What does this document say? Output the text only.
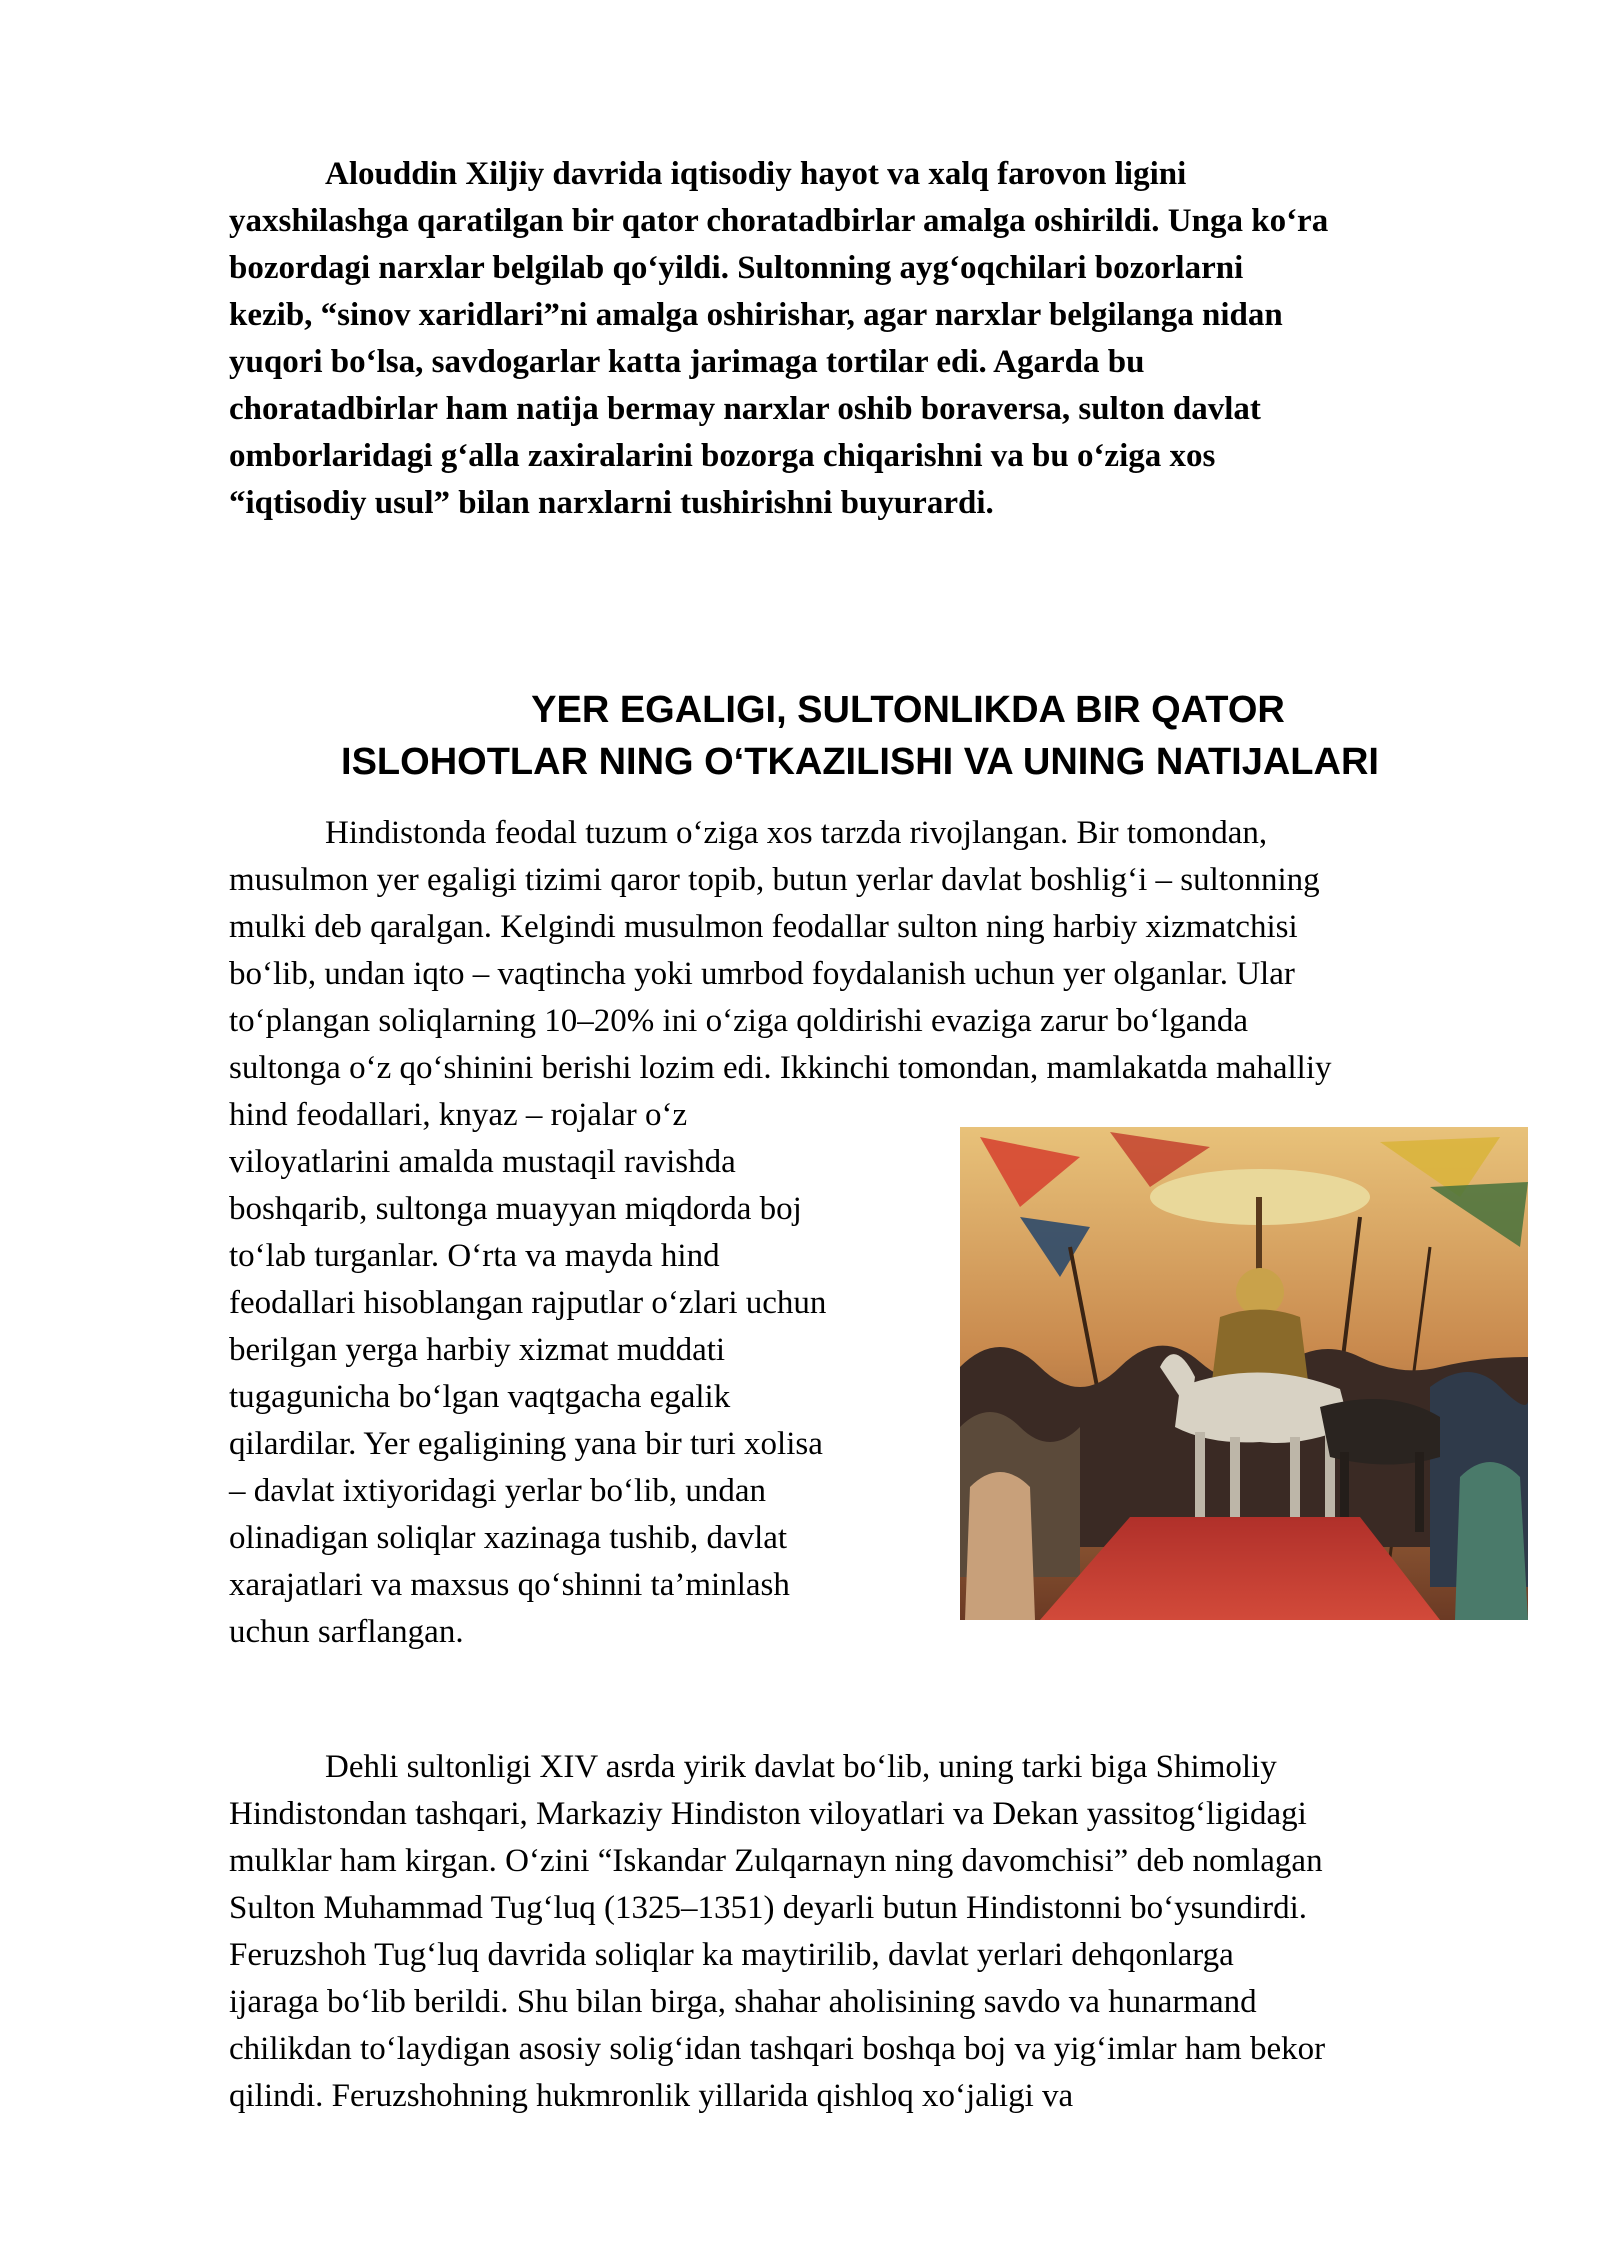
Alouddin Xiljiy davrida iqtisodiy hayot va xalq farovon ligini
yaxshilashga qaratilgan bir qator choratadbirlar amalga oshirildi. Unga ko‘ra
bozordagi narxlar belgilab qo‘yildi. Sultonning ayg‘oqchilari bozorlarni
kezib, “sinov xaridlari”ni amalga oshirishar, agar narxlar belgilanga nidan
yuqori bo‘lsa, savdogarlar katta jarimaga tortilar edi. Agarda bu
choratadbirlar ham natija bermay narxlar oshib boraversa, sulton davlat
omborlaridagi g‘alla zaxiralarini bozorga chiqarishni va bu o‘ziga xos
“iqtisodiy usul” bilan narxlarni tushirishni buyurardi.
YER EGALIGI, SULTONLIKDA BIR QATOR
ISLOHOTLAR NING O‘TKAZILISHI VA UNING NATIJALARI
Hindistonda feodal tuzum o‘ziga xos tarzda rivojlangan. Bir tomondan,
musulmon yer egaligi tizimi qaror topib, butun yerlar davlat boshlig‘i – sultonning
mulki deb qaralgan. Kelgindi musulmon feodallar sulton ning harbiy xizmatchisi
bo‘lib, undan iqto – vaqtincha yoki umrbod foydalanish uchun yer olganlar. Ular
to‘plangan soliqlarning 10–20% ini o‘ziga qoldirishi evaziga zarur bo‘lganda
sultonga o‘z qo‘shinini berishi lozim edi. Ikkinchi tomondan, mamlakatda mahalliy
hind feodallari, knyaz – rojalar o‘z
viloyatlarini amalda mustaqil ravishda
boshqarib, sultonga muayyan miqdorda boj
to‘lab turganlar. O‘rta va mayda hind
feodallari hisoblangan rajputlar o‘zlari uchun
berilgan yerga harbiy xizmat muddati
tugagunicha bo‘lgan vaqtgacha egalik
qilardilar. Yer egaligining yana bir turi xolisa
– davlat ixtiyoridagi yerlar bo‘lib, undan
olinadigan soliqlar xazinaga tushib, davlat
xarajatlari va maxsus qo‘shinni ta’minlash
uchun sarflangan.
Dehli sultonligi XIV asrda yirik davlat bo‘lib, uning tarki biga Shimoliy
Hindistondan tashqari, Markaziy Hindiston viloyatlari va Dekan yassitog‘ligidagi
mulklar ham kirgan. O‘zini “Iskandar Zulqarnayn ning davomchisi” deb nomlagan
Sulton Muhammad Tug‘luq (1325–1351) deyarli butun Hindistonni bo‘ysundirdi.
Feruzshoh Tug‘luq davrida soliqlar ka maytirilib, davlat yerlari dehqonlarga
ijaraga bo‘lib berildi. Shu bilan birga, shahar aholisining savdo va hunarmand
chilikdan to‘laydigan asosiy solig‘idan tashqari boshqa boj va yig‘imlar ham bekor
qilindi. Feruzshohning hukmronlik yillarida qishloq xo‘jaligi va
